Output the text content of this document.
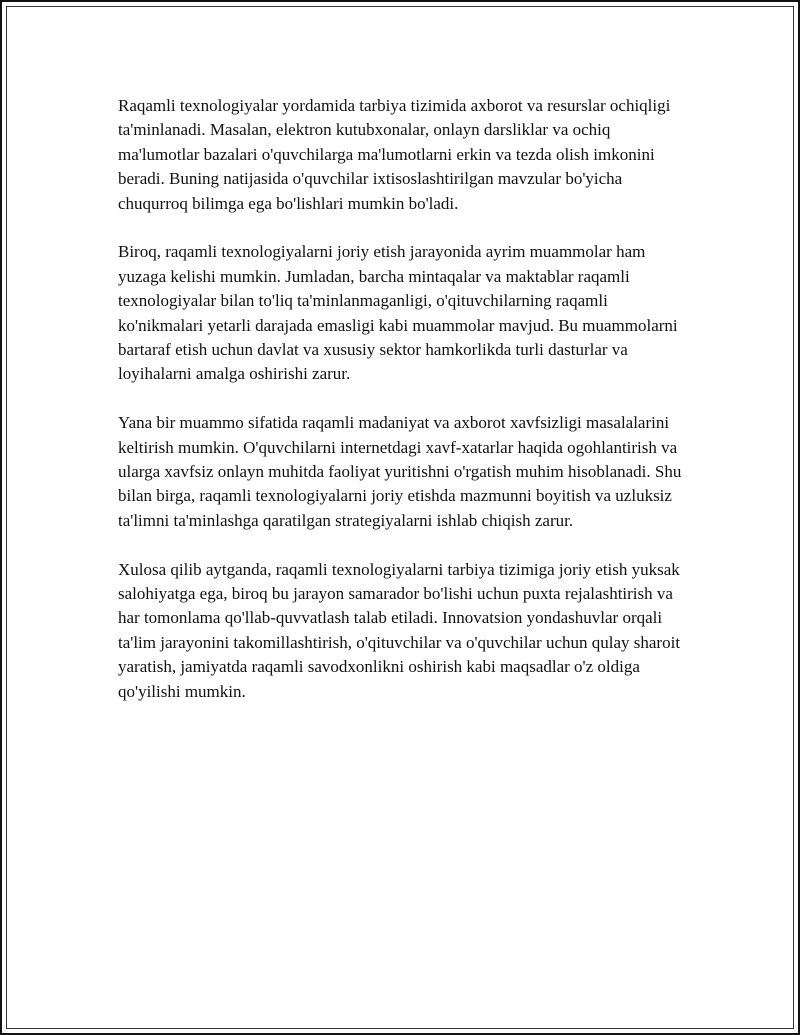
Raqamli texnologiyalar yordamida tarbiya tizimida axborot va resurslar ochiqligi ta'minlanadi. Masalan, elektron kutubxonalar, onlayn darsliklar va ochiq ma'lumotlar bazalari o'quvchilarga ma'lumotlarni erkin va tezda olish imkonini beradi. Buning natijasida o'quvchilar ixtisoslashtirilgan mavzular bo'yicha chuqurroq bilimga ega bo'lishlari mumkin bo'ladi.

Biroq, raqamli texnologiyalarni joriy etish jarayonida ayrim muammolar ham yuzaga kelishi mumkin. Jumladan, barcha mintaqalar va maktablar raqamli texnologiyalar bilan to'liq ta'minlanmaganligi, o'qituvchilarning raqamli ko'nikmalari yetarli darajada emasligi kabi muammolar mavjud. Bu muammolarni bartaraf etish uchun davlat va xususiy sektor hamkorlikda turli dasturlar va loyihalarni amalga oshirishi zarur.

Yana bir muammo sifatida raqamli madaniyat va axborot xavfsizligi masalalarini keltirish mumkin. O'quvchilarni internetdagi xavf-xatarlar haqida ogohlantirish va ularga xavfsiz onlayn muhitda faoliyat yuritishni o'rgatish muhim hisoblanadi. Shu bilan birga, raqamli texnologiyalarni joriy etishda mazmunni boyitish va uzluksiz ta'limni ta'minlashga qaratilgan strategiyalarni ishlab chiqish zarur.

Xulosa qilib aytganda, raqamli texnologiyalarni tarbiya tizimiga joriy etish yuksak salohiyatga ega, biroq bu jarayon samarador bo'lishi uchun puxta rejalashtirish va har tomonlama qo'llab-quvvatlash talab etiladi. Innovatsion yondashuvlar orqali ta'lim jarayonini takomillashtirish, o'qituvchilar va o'quvchilar uchun qulay sharoit yaratish, jamiyatda raqamli savodxonlikni oshirish kabi maqsadlar o'z oldiga qo'yilishi mumkin.
